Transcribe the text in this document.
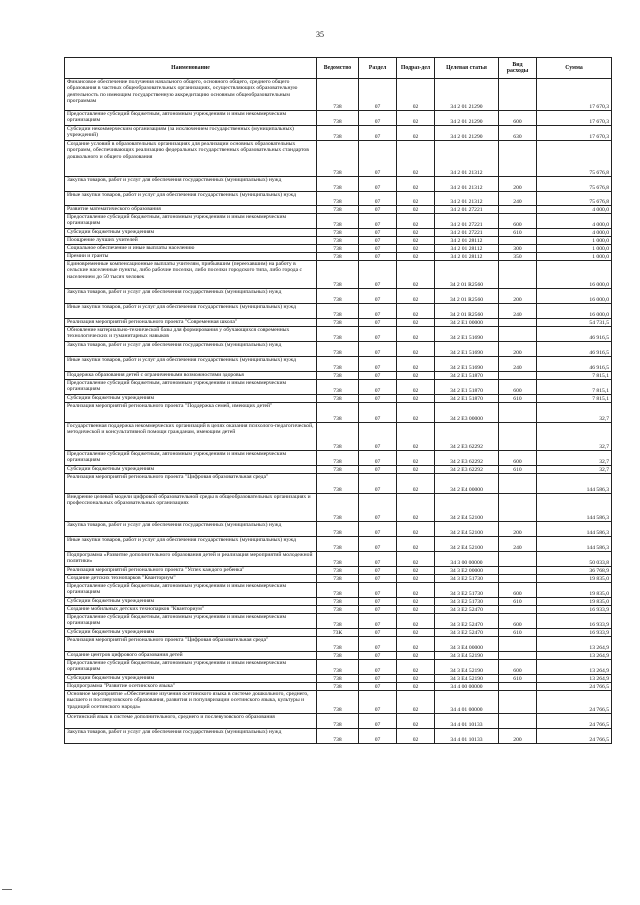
35
Наименование	Ведомство	Раздел	Подраз-дел	Целевая статья	Вид расходы	Сумма
Финансовое обеспечение получения начального общего, основного общего, среднего общего образования в частных общеобразовательных организациях, осуществляющих образовательную деятельность по имеющим государственную аккредитацию основным общеобразовательным программам	738	07	02	34 2 01 21290		17 670,3
Предоставление субсидий бюджетным, автономным учреждениям и иным некоммерческим организациям	738	07	02	34 2 01 21290	600	17 670,3
Субсидии некоммерческим организациям (за исключением государственных (муниципальных) учреждений)	738	07	02	34 2 01 21290	630	17 670,3
Создание условий в образовательных организациях для реализации основных образовательных программ, обеспечивающих реализацию федеральных государственных образовательных стандартов дошкольного и общего образования	738	07	02	34 2 01 21312		75 676,8
Закупка товаров, работ и услуг для обеспечения государственных (муниципальных) нужд	738	07	02	34 2 01 21312	200	75 676,8
Иные закупки товаров, работ и услуг для обеспечения государственных (муниципальных) нужд	738	07	02	34 2 01 21312	240	75 676,8
Развитие математического образования	738	07	02	34 2 01 27221		4 000,0
Предоставление субсидий бюджетным, автономным учреждениям и иным некоммерческим организациям	738	07	02	34 2 01 27221	600	4 000,0
Субсидии бюджетным учреждениям	738	07	02	34 2 01 27221	610	4 000,0
Поощрение лучших учителей	738	07	02	34 2 01 28112		1 000,0
Социальное обеспечение и иные выплаты населению	738	07	02	34 2 01 28112	300	1 000,0
Премии и гранты	738	07	02	34 2 01 28112	350	1 000,0
Единовременные компенсационные выплаты учителям, прибывшим (переехавшим) на работу в сельские населенные пункты, либо рабочие поселки, либо поселки городского типа, либо города с населением до 50 тысяч человек	738	07	02	34 2 01 R2560		16 000,0
Закупка товаров, работ и услуг для обеспечения государственных (муниципальных) нужд	738	07	02	34 2 01 R2560	200	16 000,0
Иные закупки товаров, работ и услуг для обеспечения государственных (муниципальных) нужд	738	07	02	34 2 01 R2560	240	16 000,0
Реализация мероприятий регионального проекта "Современная школа"	738	07	02	34 2 E1 00000		54 731,5
Обновление материально-технической базы для формирования у обучающихся современных технологических и гуманитарных навыков	738	07	02	34 2 E1 51690		46 916,5
Закупка товаров, работ и услуг для обеспечения государственных (муниципальных) нужд	738	07	02	34 2 E1 51690	200	46 916,5
Иные закупки товаров, работ и услуг для обеспечения государственных (муниципальных) нужд	738	07	02	34 2 E1 51690	240	46 916,5
Поддержка образования детей с ограниченными возможностями здоровья	738	07	02	34 2 E1 51870		7 815,1
Предоставление субсидий бюджетным, автономным учреждениям и иным некоммерческим организациям	738	07	02	34 2 E1 51870	600	7 815,1
Субсидии бюджетным учреждениям	738	07	02	34 2 E1 51870	610	7 815,1
Реализация мероприятий регионального проекта "Поддержка семей, имеющих детей"	738	07	02	34 2 E3 00000		32,7
Государственная поддержка некоммерческих организаций в целях оказания психолого-педагогической, методической и консультативной помощи гражданам, имеющим детей	738	07	02	34 2 E3 62292		32,7
Предоставление субсидий бюджетным, автономным учреждениям и иным некоммерческим организациям	738	07	02	34 2 E3 62292	600	32,7
Субсидии бюджетным учреждениям	738	07	02	34 2 E3 62292	610	32,7
Реализация мероприятий регионального проекта "Цифровая образовательная среда"	738	07	02	34 2 E4 00000		144 586,3
Внедрение целевой модели цифровой образовательной среды в общеобразовательных организациях и профессиональных образовательных организациях	738	07	02	34 2 E4 52100		144 586,3
Закупка товаров, работ и услуг для обеспечения государственных (муниципальных) нужд	738	07	02	34 2 E4 52100	200	144 586,3
Иные закупки товаров, работ и услуг для обеспечения государственных (муниципальных) нужд	738	07	02	34 2 E4 52100	240	144 586,3
Подпрограмма «Развитие дополнительного образования детей и реализация мероприятий молодежной политики»	738	07	02	34 3 00 00000		50 033,8
Реализация мероприятий регионального проекта "Успех каждого ребенка"	738	07	02	34 3 E2 00000		36 768,9
Создание детских технопарков "Кванториум"	738	07	02	34 3 E2 51730		19 835,0
Предоставление субсидий бюджетным, автономным учреждениям и иным некоммерческим организациям	738	07	02	34 3 E2 51730	600	19 835,0
Субсидии бюджетным учреждениям	738	07	02	34 3 E2 51730	610	19 835,0
Создание мобильных детских технопарков "Кванториум"	738	07	02	34 3 E2 52470		16 933,9
Предоставление субсидий бюджетным, автономным учреждениям и иным некоммерческим организациям	738	07	02	34 3 E2 52470	600	16 933,9
Субсидии бюджетным учреждениям	73К	07	02	34 3 E2 52470	610	16 933,9
Реализация мероприятий регионального проекта "Цифровая образовательная среда"	738	07	02	34 3 E4 00000		13 264,9
Создание центров цифрового образования детей	738	07	02	34 3 E4 52190		13 264,9
Предоставление субсидий бюджетным, автономным учреждениям и иным некоммерческим организациям	738	07	02	34 3 E4 52190	600	13 264,9
Субсидии бюджетным учреждениям	738	07	02	34 3 E4 52190	610	13 264,9
Подпрограмма "Развитие осетинского языка"	738	07	02	34 4 00 00000		24 766,5
Основное мероприятие «Обеспечение изучения осетинского языка в системе дошкольного, среднего, высшего и послевузовского образования, развития и популяризации осетинского языка, культуры и традиций осетинского народа»	738	07	02	34 4 01 00000		24 766,5
Осетинский язык в системе дополнительного, среднего и послевузовского образования	738	07	02	34 4 01 10133		24 766,5
Закупка товаров, работ и услуг для обеспечения государственных (муниципальных) нужд	738	07	02	34 4 01 10133	200	24 766,5
